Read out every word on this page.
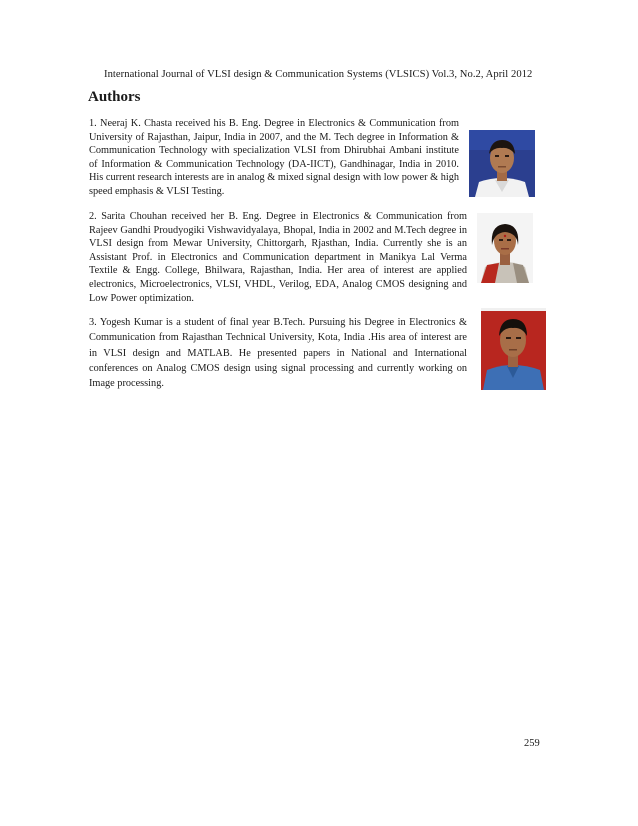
International Journal of VLSI design & Communication Systems (VLSICS) Vol.3, No.2, April 2012
Authors

1. Neeraj K. Chasta received his B. Eng. Degree in Electronics & Communication from University of Rajasthan, Jaipur, India in 2007, and the M. Tech degree in Information & Communication Technology with specialization VLSI from Dhirubhai Ambani institute of Information & Communication Technology (DA-IICT), Gandhinagar, India in 2010. His current research interests are in analog & mixed signal design with low power & high speed emphasis & VLSI Testing.

2. Sarita Chouhan received her B. Eng. Degree in Electronics & Communication from Rajeev Gandhi Proudyogiki Vishwavidyalaya, Bhopal, India in 2002 and M.Tech degree in VLSI design from Mewar University, Chittorgarh, Rjasthan, India. Currently she is an Assistant Prof. in Electronics and Communication department in Manikya Lal Verma Textile & Engg. College, Bhilwara, Rajasthan, India. Her area of interest are applied electronics, Microelectronics, VLSI, VHDL, Verilog, EDA, Analog CMOS designing and Low Power optimization.

3. Yogesh Kumar is a student of final year B.Tech. Pursuing his Degree in Electronics & Communication from Rajasthan Technical University, Kota, India .His area of interest are in VLSI design and MATLAB. He presented papers in National and International conferences on Analog CMOS design using signal processing and currently working on Image processing.

259
